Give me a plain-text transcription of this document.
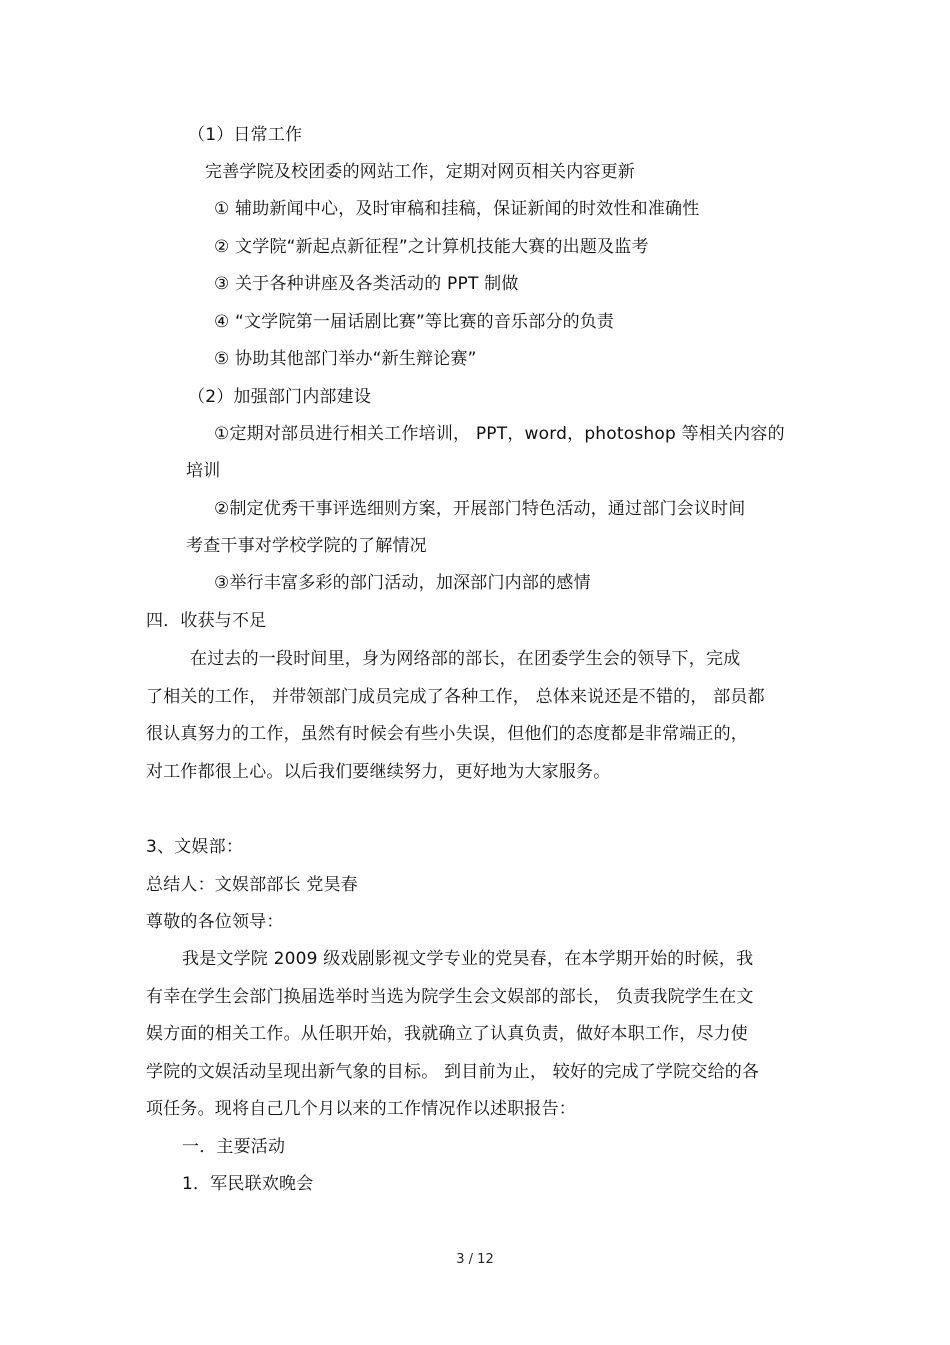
（1）日常工作
完善学院及校团委的网站工作，定期对网页相关内容更新
① 辅助新闻中心，及时审稿和挂稿，保证新闻的时效性和准确性
② 文学院“新起点新征程”之计算机技能大赛的出题及监考
③ 关于各种讲座及各类活动的 PPT 制做
④ “文学院第一届话剧比赛”等比赛的音乐部分的负责
⑤ 协助其他部门举办“新生辩论赛”
（2）加强部门内部建设
①定期对部员进行相关工作培训， PPT，word，photoshop 等相关内容的
培训
②制定优秀干事评选细则方案，开展部门特色活动，通过部门会议时间
考查干事对学校学院的了解情况
③举行丰富多彩的部门活动，加深部门内部的感情
四．收获与不足
在过去的一段时间里，身为网络部的部长，在团委学生会的领导下，完成
了相关的工作， 并带领部门成员完成了各种工作， 总体来说还是不错的， 部员都
很认真努力的工作，虽然有时候会有些小失误，但他们的态度都是非常端正的，
对工作都很上心。以后我们要继续努力，更好地为大家服务。
3、文娱部：
总结人：文娱部部长 党昊春
尊敬的各位领导：
我是文学院 2009 级戏剧影视文学专业的党昊春，在本学期开始的时候，我
有幸在学生会部门换届选举时当选为院学生会文娱部的部长， 负责我院学生在文
娱方面的相关工作。从任职开始，我就确立了认真负责，做好本职工作，尽力使
学院的文娱活动呈现出新气象的目标。 到目前为止， 较好的完成了学院交给的各
项任务。现将自己几个月以来的工作情况作以述职报告：
一．主要活动
1．军民联欢晚会
3 / 12
